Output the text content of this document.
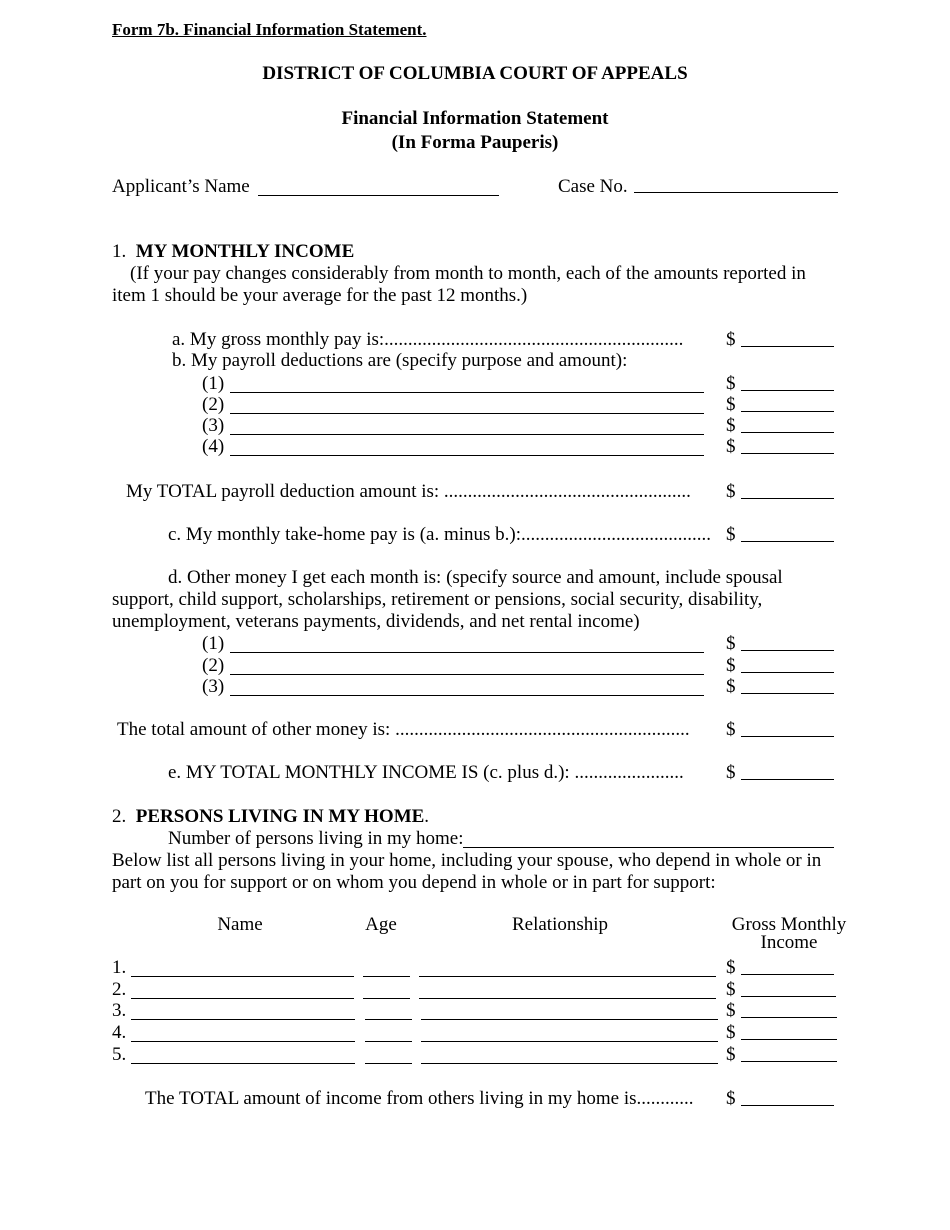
Form 7b. Financial Information Statement.
DISTRICT OF COLUMBIA COURT OF APPEALS
Financial Information Statement
(In Forma Pauperis)
Applicant’s Name	Case No.
1. MY MONTHLY INCOME
(If your pay changes considerably from month to month, each of the amounts reported in
item 1 should be your average for the past 12 months.)
a. My gross monthly pay is:............................................................... $
b. My payroll deductions are (specify purpose and amount):
(1)	$
(2)	$
(3)	$
(4)	$
My TOTAL payroll deduction amount is: .................................................... $
c. My monthly take-home pay is (a. minus b.):........................................ $
d. Other money I get each month is: (specify source and amount, include spousal
support, child support, scholarships, retirement or pensions, social security, disability,
unemployment, veterans payments, dividends, and net rental income)
(1)	$
(2)	$
(3)	$
The total amount of other money is: .............................................................. $
e. MY TOTAL MONTHLY INCOME IS (c. plus d.): ....................... $
2. PERSONS LIVING IN MY HOME.
Number of persons living in my home:
Below list all persons living in your home, including your spouse, who depend in whole or in
part on you for support or on whom you depend in whole or in part for support:
Name	Age	Relationship	Gross Monthly
Income
1.	$
2.	$
3.	$
4.	$
5.	$
The TOTAL amount of income from others living in my home is............ $
